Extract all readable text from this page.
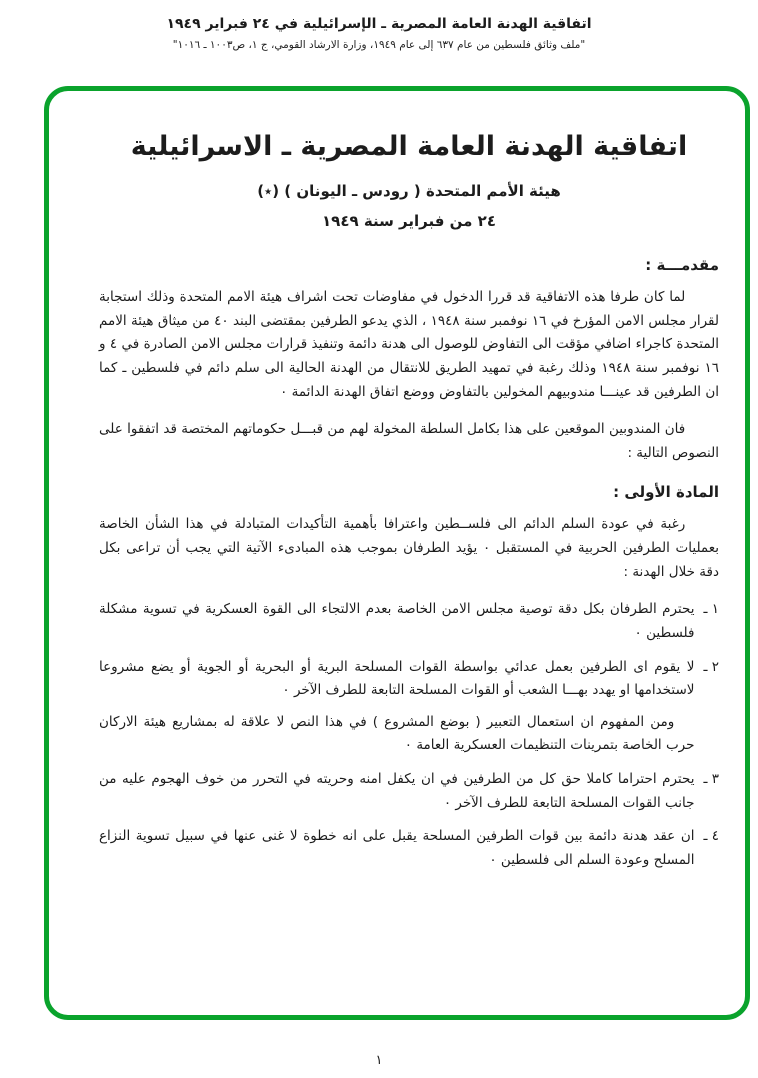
اتفاقية الهدنة العامة المصرية ـ الإسرائيلية في ٢٤ فبراير ١٩٤٩
"ملف وثائق فلسطين من عام ٦٣٧ إلى عام ١٩٤٩، وزارة الارشاد القومي، ج ١، ص١٠٠٣ ـ ١٠١٦"
اتفاقية الهدنة العامة المصرية ـ الاسرائيلية
هيئة الأمم المتحدة ( رودس ـ اليونان ) (٭)
٢٤ من فبراير سنة ١٩٤٩
مقدمـــة :

لما كان طرفا هذه الاتفاقية قد قررا الدخول في مفاوضات تحت اشراف هيئة الامم المتحدة وذلك استجابة لقرار مجلس الامن المؤرخ في ١٦ نوفمبر سنة ١٩٤٨ ، الذي يدعو الطرفين بمقتضى البند ٤٠ من ميثاق هيئة الامم المتحدة كاجراء اضافي مؤقت الى التفاوض للوصول الى هدنة دائمة وتنفيذ قرارات مجلس الامن الصادرة في ٤ و ١٦ نوفمبر سنة ١٩٤٨ وذلك رغبة في تمهيد الطريق للانتقال من الهدنة الحالية الى سلم دائم في فلسطين ـ كما ان الطرفين قد عينـــا مندوبيهم المخولين بالتفاوض ووضع اتفاق الهدنة الدائمة ٠

فان المندوبين الموقعين على هذا بكامل السلطة المخولة لهم من قبـــل حكوماتهم المختصة قد اتفقوا على النصوص التالية :

المادة الأولى :

رغبة في عودة السلم الدائم الى فلســطين واعترافا بأهمية التأكيدات المتبادلة في هذا الشأن الخاصة بعمليات الطرفين الحربية في المستقبل ٠ يؤيد الطرفان بموجب هذه المبادىء الآتية التي يجب أن تراعى بكل دقة خلال الهدنة :

١ ـ
يحترم الطرفان بكل دقة توصية مجلس الامن الخاصة بعدم الالتجاء الى القوة العسكرية في تسوية مشكلة فلسطين ٠
٢ ـ
لا يقوم اى الطرفين بعمل عدائي بواسطة القوات المسلحة البرية أو البحرية أو الجوية أو يضع مشروعا لاستخدامها او يهدد بهـــا الشعب أو القوات المسلحة التابعة للطرف الآخر ٠
ومن المفهوم ان استعمال التعبير ( بوضع المشروع ) في هذا النص لا علاقة له بمشاريع هيئة الاركان حرب الخاصة بتمرينات التنظيمات العسكرية العامة ٠
٣ ـ
يحترم احتراما كاملا حق كل من الطرفين في ان يكفل امنه وحريته في التحرر من خوف الهجوم عليه من جانب القوات المسلحة التابعة للطرف الآخر ٠
٤ ـ
ان عقد هدنة دائمة بين قوات الطرفين المسلحة يقبل على انه خطوة لا غنى عنها في سبيل تسوية النزاع المسلح وعودة السلم الى فلسطين ٠
١
